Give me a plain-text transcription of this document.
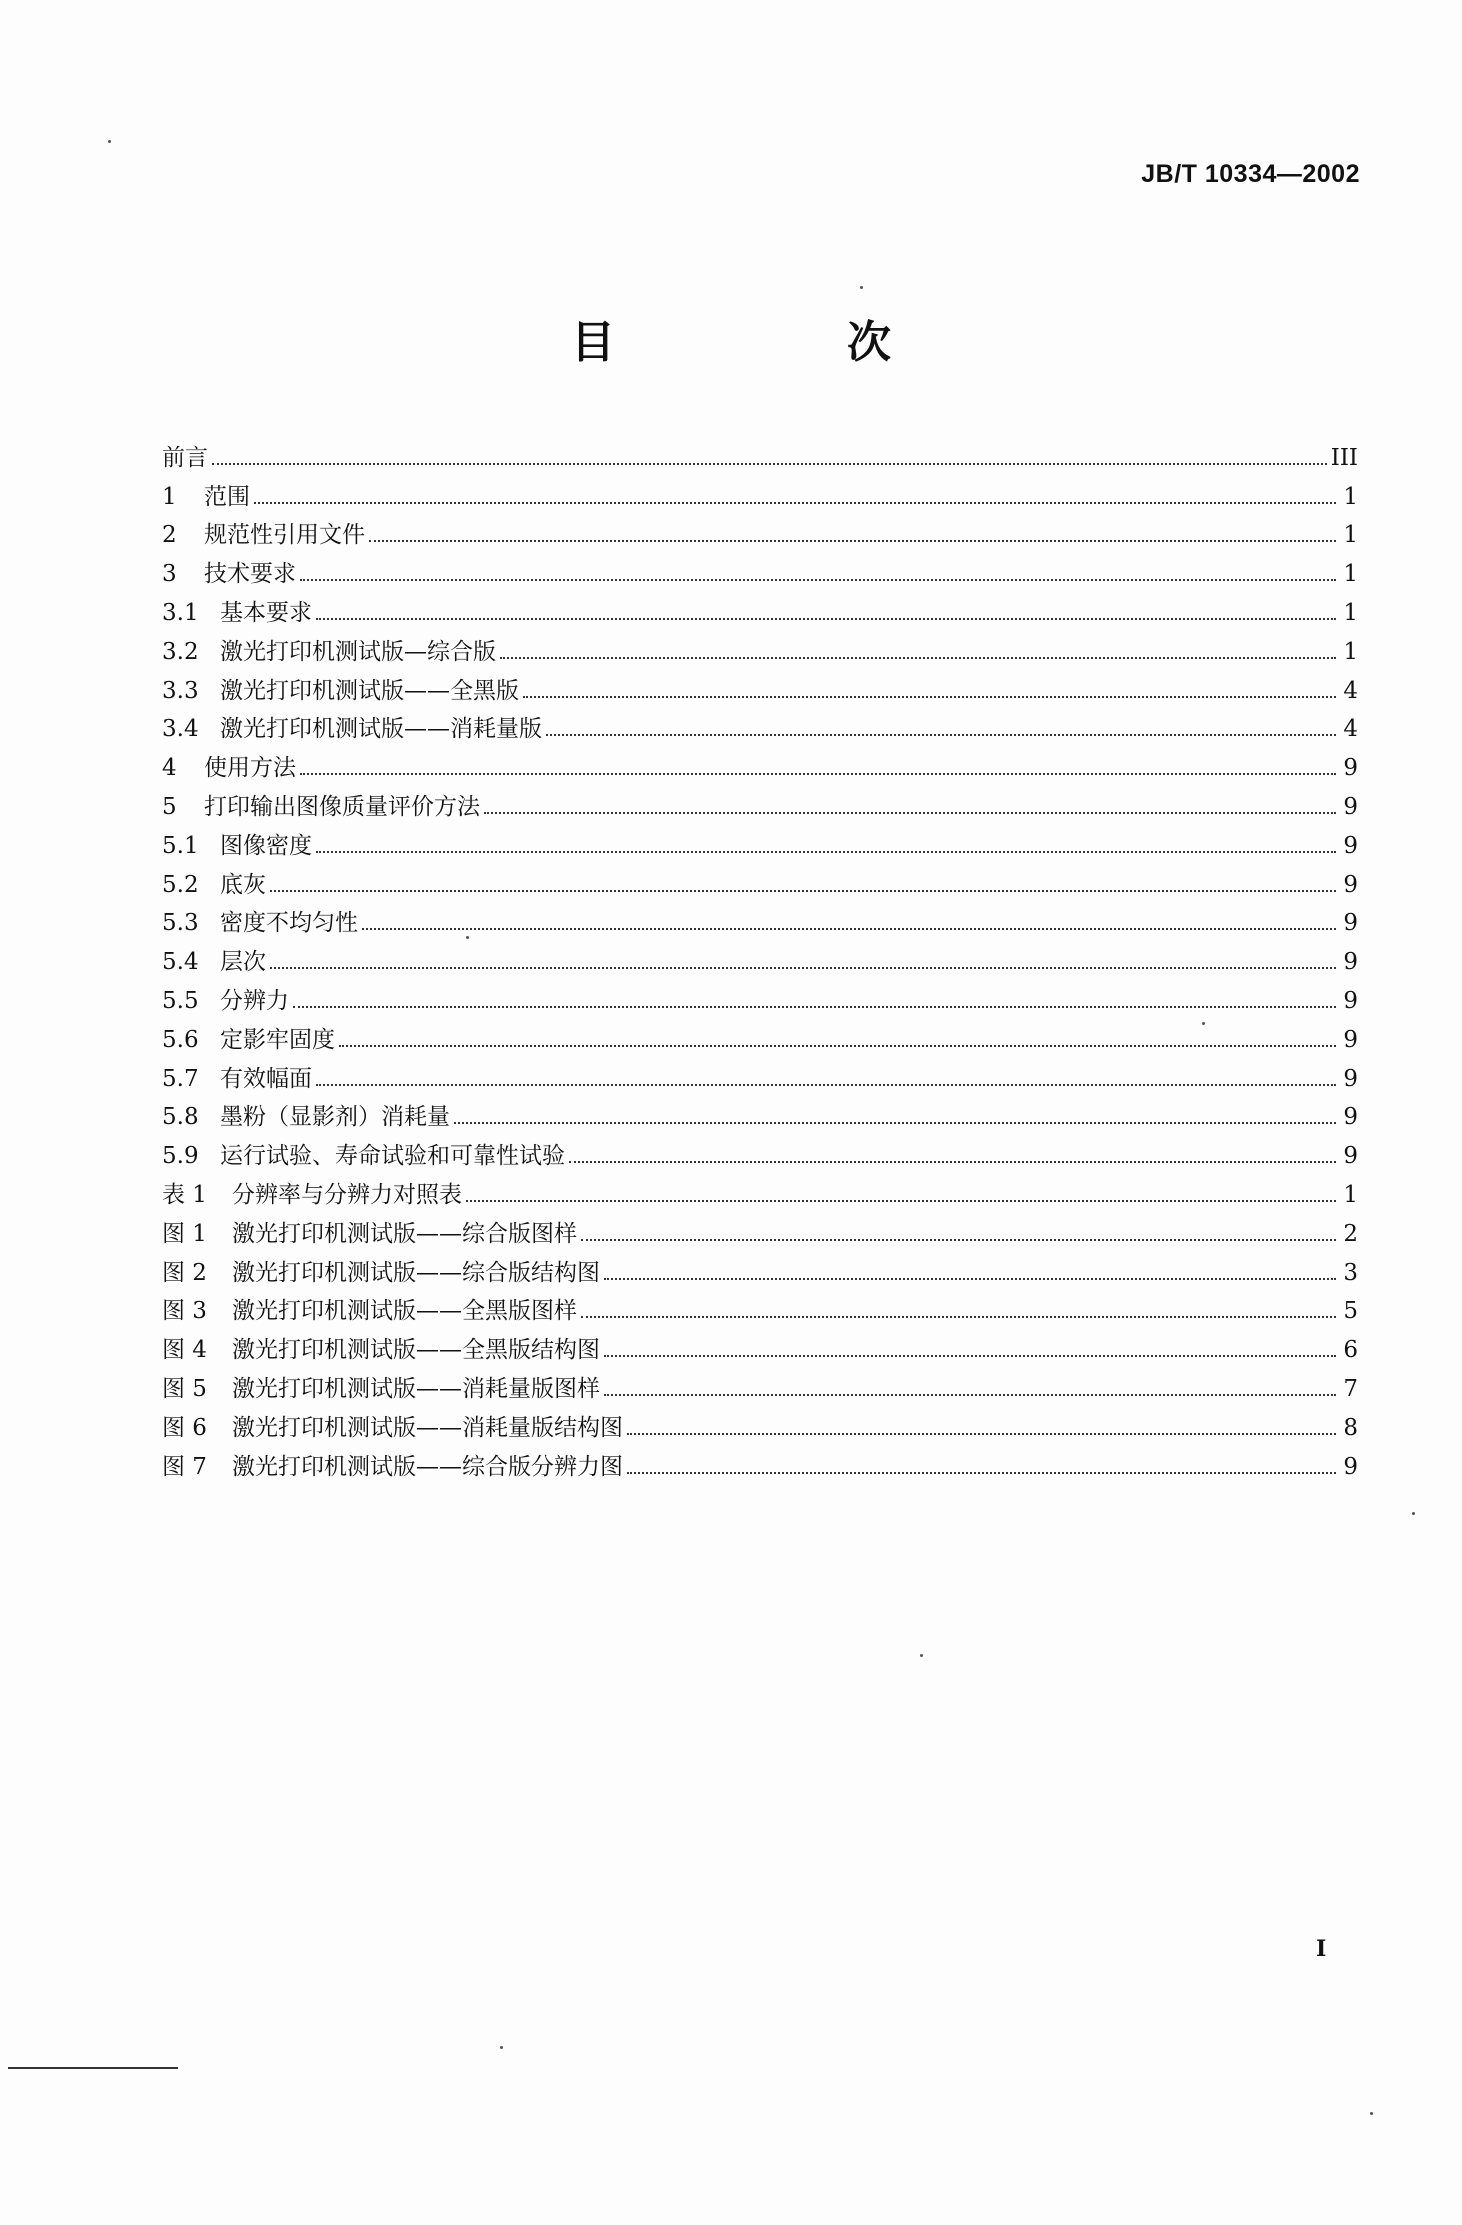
JB/T 10334—2002
目　次
前言	III
1	范围	1
2	规范性引用文件	1
3	技术要求	1
3.1 基本要求	1
3.2 激光打印机测试版—综合版	1
3.3 激光打印机测试版——全黑版	4
3.4 激光打印机测试版——消耗量版	4
4	使用方法	9
5	打印输出图像质量评价方法	9
5.1 图像密度	9
5.2 底灰	9
5.3 密度不均匀性	9
5.4 层次	9
5.5 分辨力	9
5.6 定影牢固度	9
5.7 有效幅面	9
5.8 墨粉（显影剂）消耗量	9
5.9 运行试验、寿命试验和可靠性试验	9
表 1	分辨率与分辨力对照表	1
图 1	激光打印机测试版——综合版图样	2
图 2	激光打印机测试版——综合版结构图	3
图 3	激光打印机测试版——全黑版图样	5
图 4	激光打印机测试版——全黑版结构图	6
图 5	激光打印机测试版——消耗量版图样	7
图 6	激光打印机测试版——消耗量版结构图	8
图 7	激光打印机测试版——综合版分辨力图	9
I
